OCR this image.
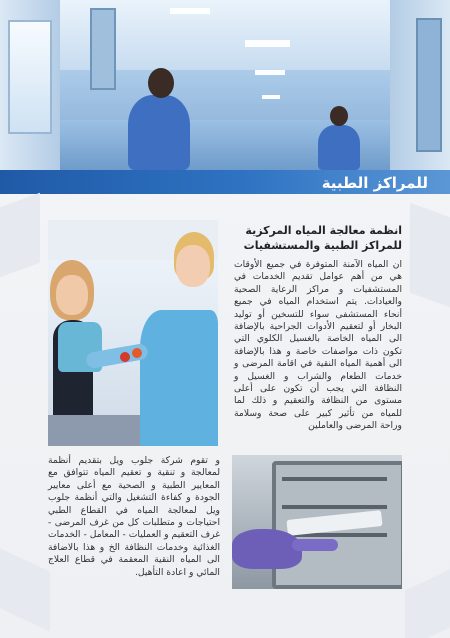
للمراكز الطبية

انظمة معالجة المياه المركزية للمراكز الطبية والمستشفيات

ان المياه الآمنة المتوفرة في جميع الأوقات هي من أهم عوامل تقديم الخدمات في المستشفيات و مراكز الرعاية الصحية والعيادات. يتم استخدام المياه في جميع أنحاء المستشفى سواء للتسخين أو توليد البخار أو لتعقيم الأدوات الجراحية بالإضافة الى المياه الخاصة بالغسيل الكلوي التي تكون ذات مواصفات خاصة و هذا بالإضافة الى أهمية المياه النقية في اقامة المرضى و خدمات الطعام والشراب و الغسيل و النظافة التي يجب أن تكون على أعلى مستوى من النظافة والتعقيم و ذلك لما للمياه من تأثير كبير على صحة وسلامة وراحة المرضى والعاملين

و تقوم شركة جلوب ويل بتقديم أنظمة لمعالجة و تنقية و تعقيم المياه تتوافق مع المعايير الطبية و الصحية مع أعلى معايير الجودة و كفاءة التشغيل والتي أنظمة جلوب ويل لمعالجة المياه في القطاع الطبي احتياجات و متطلبات كل من غرف المرضى - غرف التعقيم و العمليات - المعامل - الخدمات الغذائية وخدمات النظافة الخ و هذا بالاضافة الى المياه النقية المعقمة في قطاع العلاج المائي و اعادة التأهيل.
